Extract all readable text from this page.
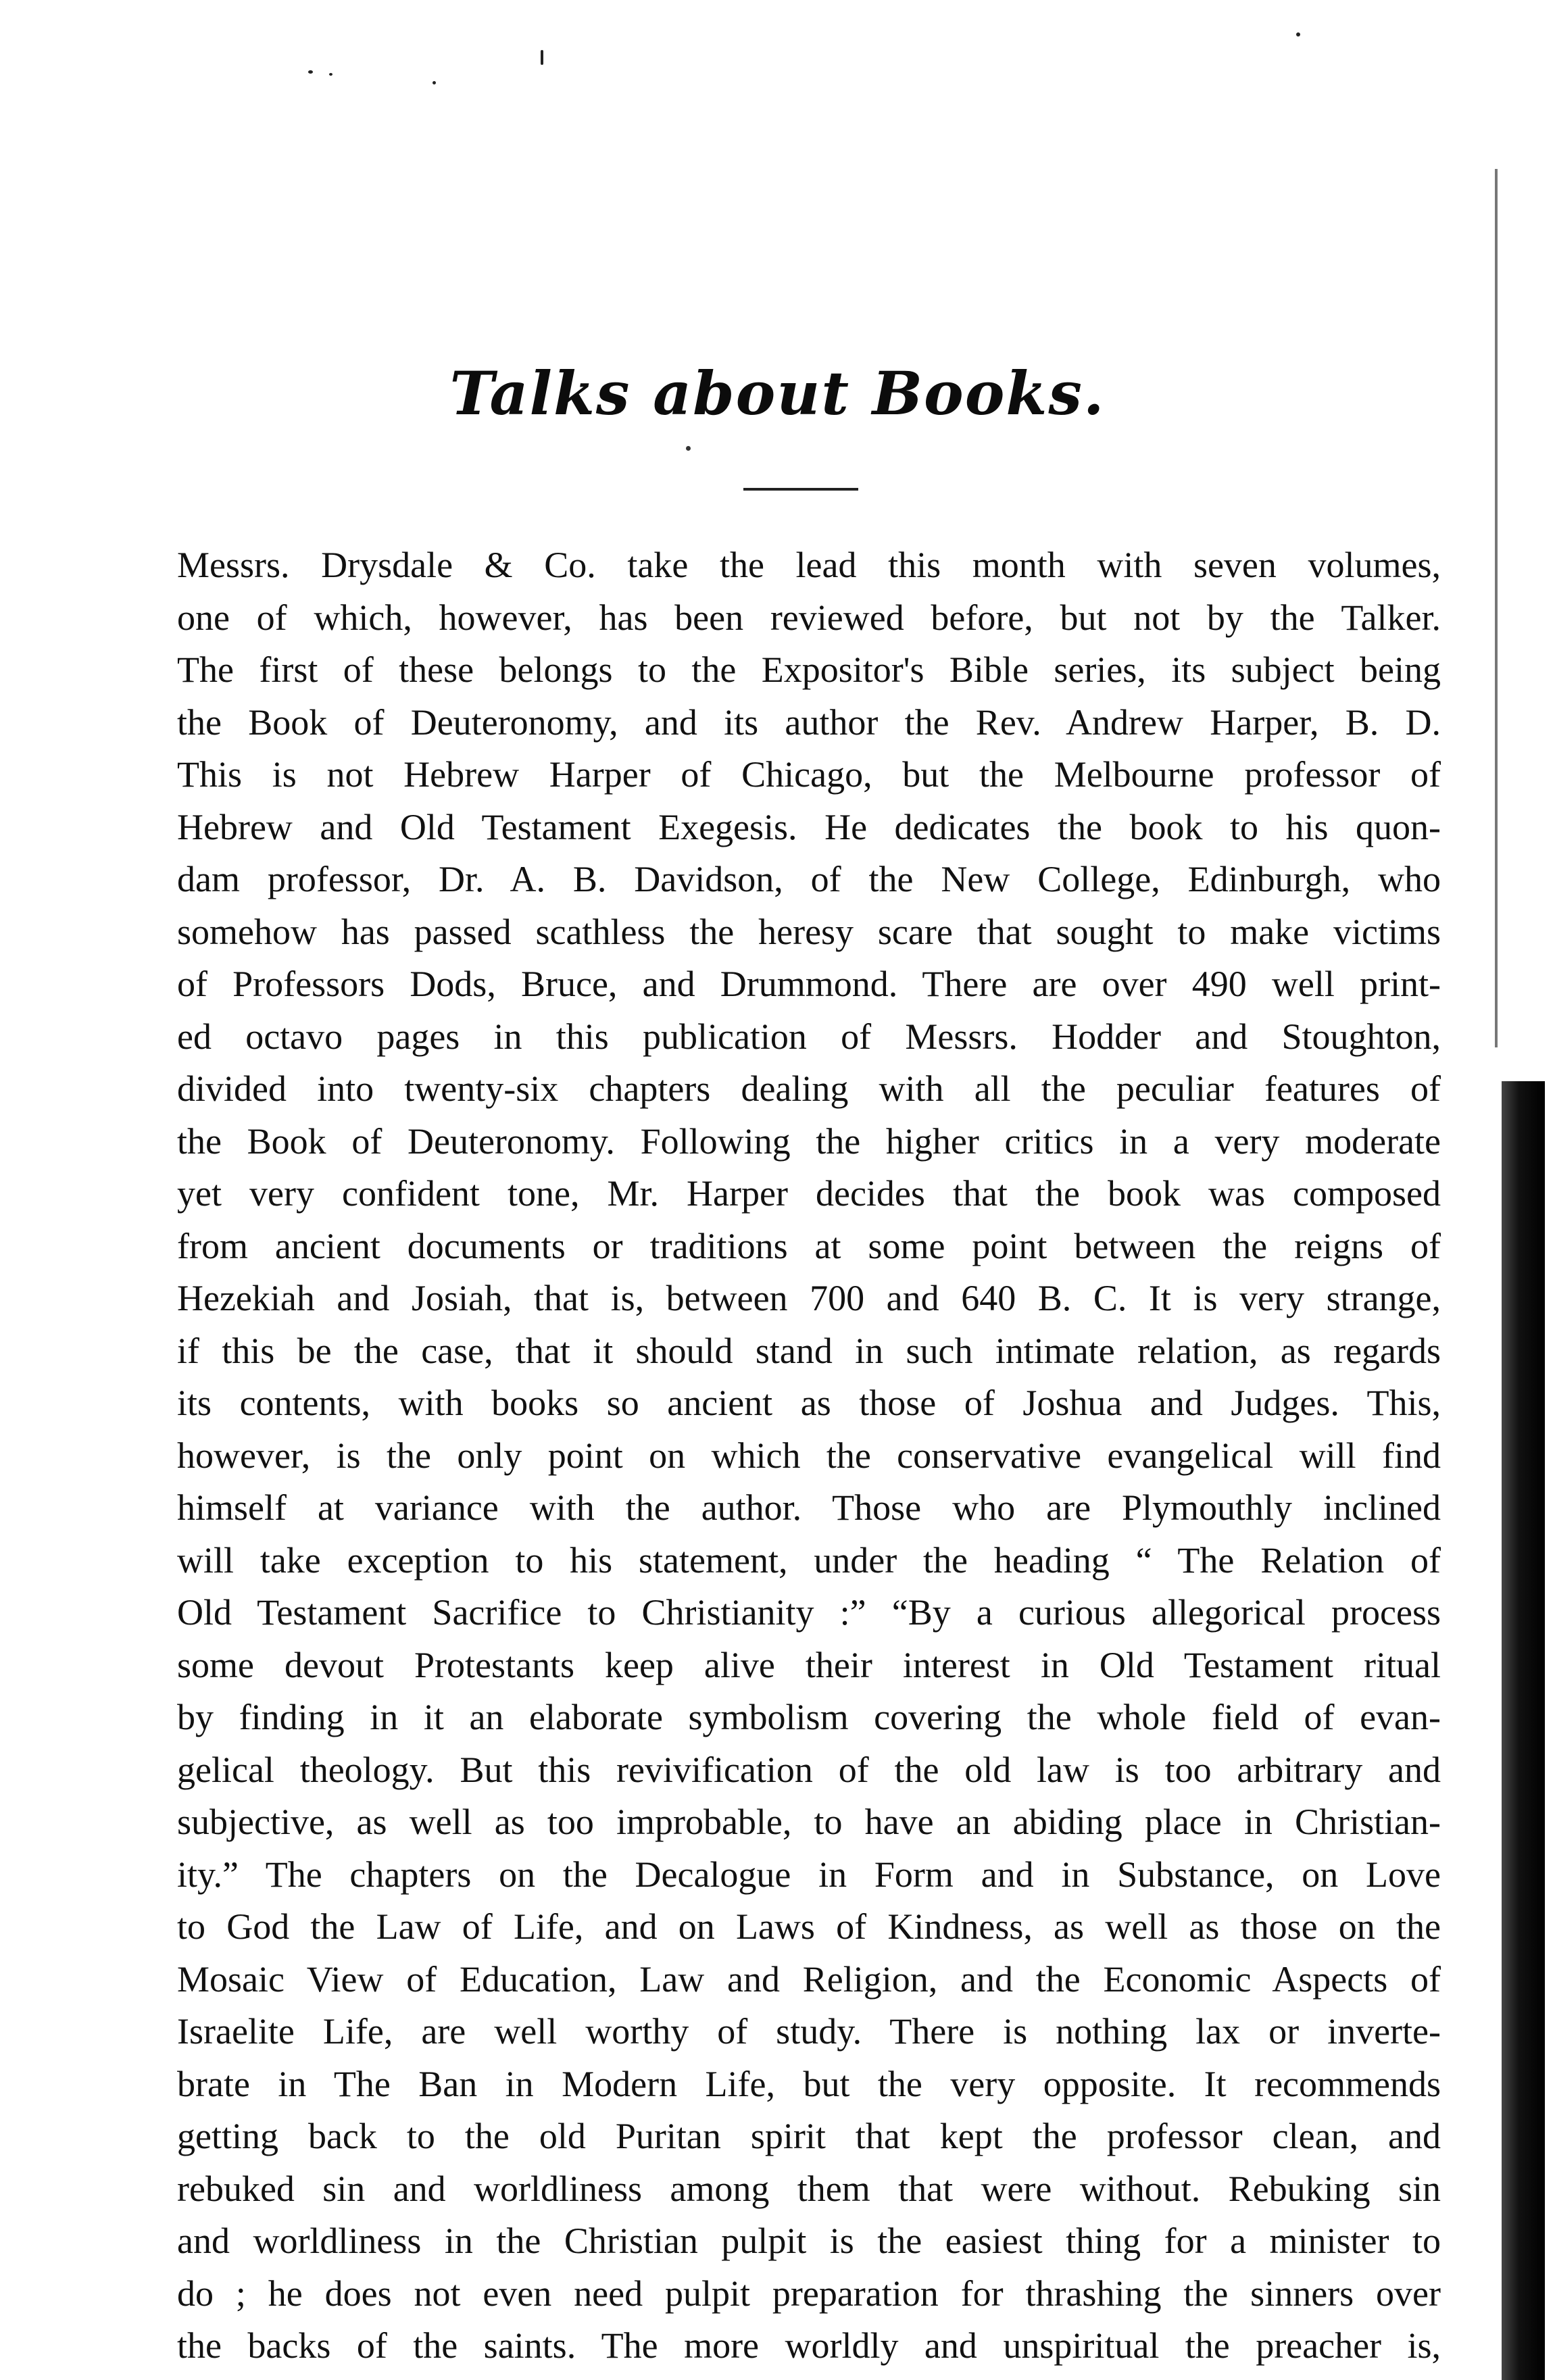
Talks about Books.
Messrs. Drysdale & Co. take the lead this month with seven volumes,
one of which, however, has been reviewed before, but not by the Talker.
The first of these belongs to the Expositor's Bible series, its subject being
the Book of Deuteronomy, and its author the Rev. Andrew Harper, B. D.
This is not Hebrew Harper of Chicago, but the Melbourne professor of
Hebrew and Old Testament Exegesis. He dedicates the book to his quon-
dam professor, Dr. A. B. Davidson, of the New College, Edinburgh, who
somehow has passed scathless the heresy scare that sought to make victims
of Professors Dods, Bruce, and Drummond. There are over 490 well print-
ed octavo pages in this publication of Messrs. Hodder and Stoughton,
divided into twenty-six chapters dealing with all the peculiar features of
the Book of Deuteronomy. Following the higher critics in a very moderate
yet very confident tone, Mr. Harper decides that the book was composed
from ancient documents or traditions at some point between the reigns of
Hezekiah and Josiah, that is, between 700 and 640 B. C. It is very strange,
if this be the case, that it should stand in such intimate relation, as regards
its contents, with books so ancient as those of Joshua and Judges. This,
however, is the only point on which the conservative evangelical will find
himself at variance with the author. Those who are Plymouthly inclined
will take exception to his statement, under the heading “ The Relation of
Old Testament Sacrifice to Christianity :” “By a curious allegorical process
some devout Protestants keep alive their interest in Old Testament ritual
by finding in it an elaborate symbolism covering the whole field of evan-
gelical theology. But this revivification of the old law is too arbitrary and
subjective, as well as too improbable, to have an abiding place in Christian-
ity.” The chapters on the Decalogue in Form and in Substance, on Love
to God the Law of Life, and on Laws of Kindness, as well as those on the
Mosaic View of Education, Law and Religion, and the Economic Aspects of
Israelite Life, are well worthy of study. There is nothing lax or inverte-
brate in The Ban in Modern Life, but the very opposite. It recommends
getting back to the old Puritan spirit that kept the professor clean, and
rebuked sin and worldliness among them that were without. Rebuking sin
and worldliness in the Christian pulpit is the easiest thing for a minister to
do ; he does not even need pulpit preparation for thrashing the sinners over
the backs of the saints. The more worldly and unspiritual the preacher is,
